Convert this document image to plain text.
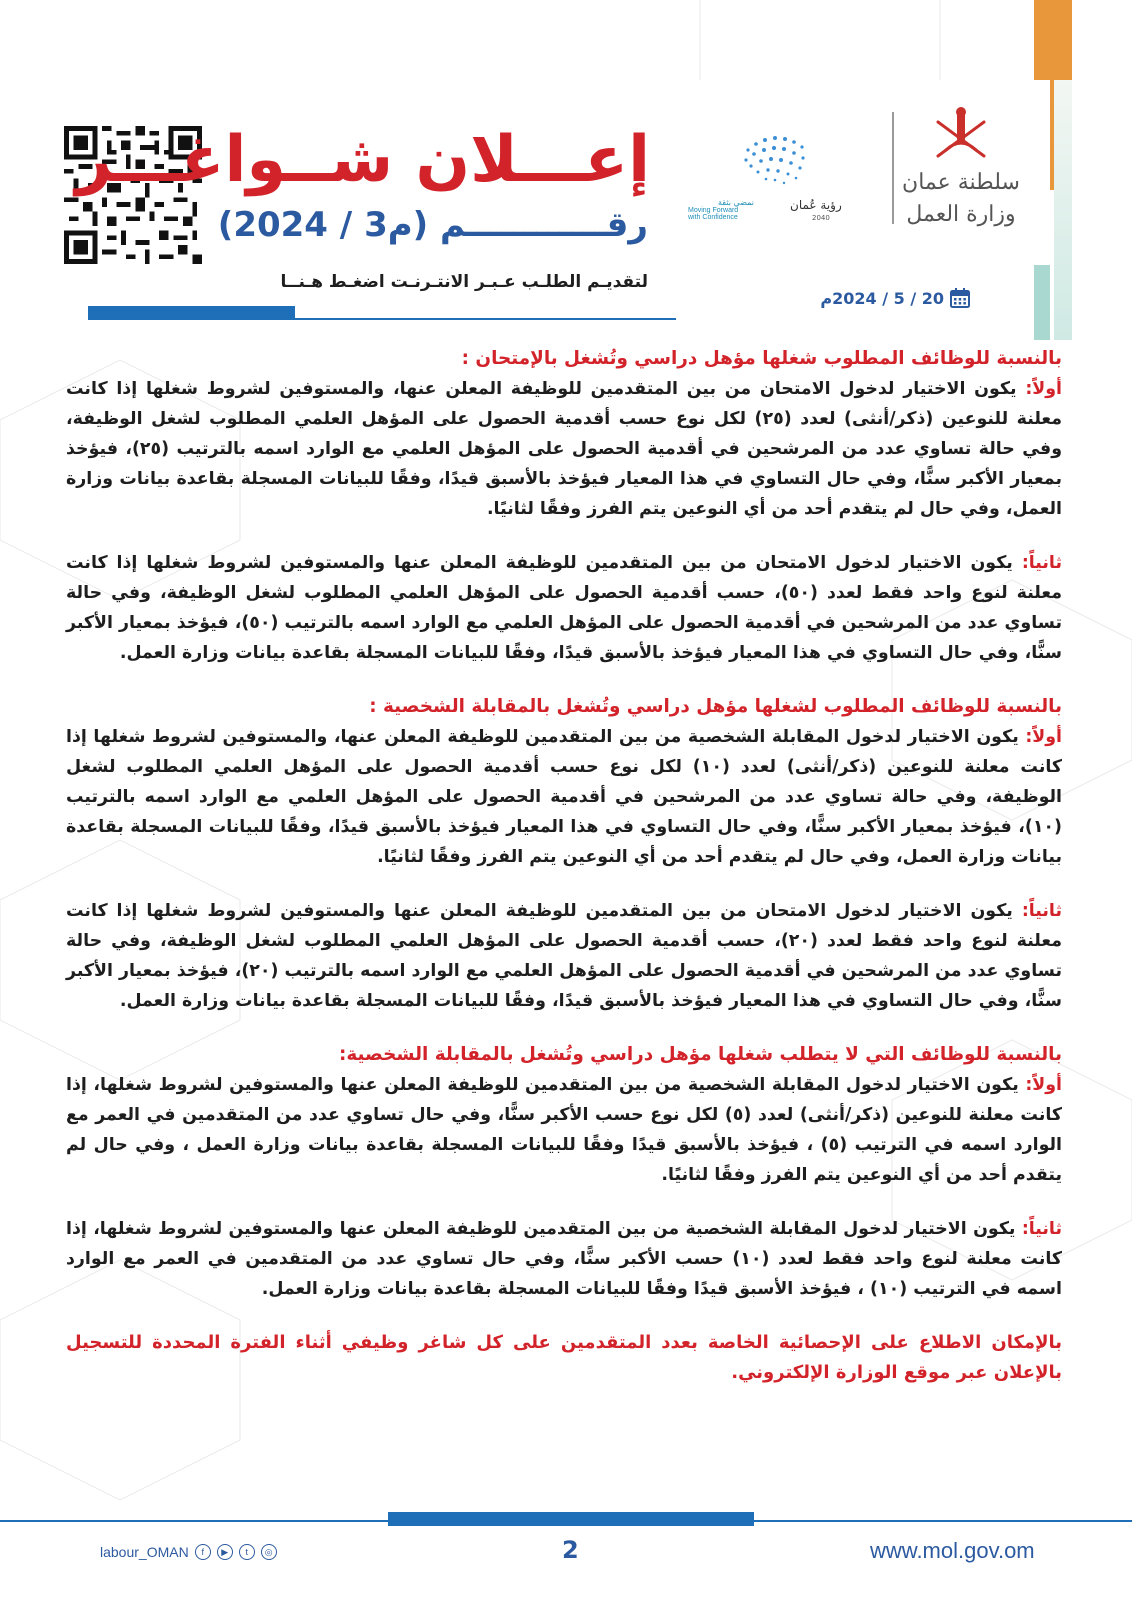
إعـــلان شــواغـــر
رقــــــــــــم (م3 / 2024)
لتقديـم الطلـب عـبـر الانتـرنـت اضغـط هـنــا
سلطنة عمان
وزارة العمل
رؤية عُمان
2040
نمضي بثقة
Moving Forward
with Confidence
20 / 5 / 2024م

بالنسبة للوظائف المطلوب شغلها مؤهل دراسي وتُشغل بالإمتحان :

أولاً: يكون الاختيار لدخول الامتحان من بين المتقدمين للوظيفة المعلن عنها، والمستوفين لشروط شغلها إذا كانت معلنة للنوعين (ذكر/أنثى) لعدد (٢٥) لكل نوع حسب أقدمية الحصول على المؤهل العلمي المطلوب لشغل الوظيفة، وفي حالة تساوي عدد من المرشحين في أقدمية الحصول على المؤهل العلمي مع الوارد اسمه بالترتيب (٢٥)، فيؤخذ بمعيار الأكبر سنًّا، وفي حال التساوي في هذا المعيار فيؤخذ بالأسبق قيدًا، وفقًا للبيانات المسجلة بقاعدة بيانات وزارة العمل، وفي حال لم يتقدم أحد من أي النوعين يتم الفرز وفقًا لثانيًا.

ثانياً: يكون الاختيار لدخول الامتحان من بين المتقدمين للوظيفة المعلن عنها والمستوفين لشروط شغلها إذا كانت معلنة لنوع واحد فقط لعدد (٥٠)، حسب أقدمية الحصول على المؤهل العلمي المطلوب لشغل الوظيفة، وفي حالة تساوي عدد من المرشحين في أقدمية الحصول على المؤهل العلمي مع الوارد اسمه بالترتيب (٥٠)، فيؤخذ بمعيار الأكبر سنًّا، وفي حال التساوي في هذا المعيار فيؤخذ بالأسبق قيدًا، وفقًا للبيانات المسجلة بقاعدة بيانات وزارة العمل.

بالنسبة للوظائف المطلوب لشغلها مؤهل دراسي وتُشغل بالمقابلة الشخصية :

أولاً: يكون الاختيار لدخول المقابلة الشخصية من بين المتقدمين للوظيفة المعلن عنها، والمستوفين لشروط شغلها إذا كانت معلنة للنوعين (ذكر/أنثى) لعدد (١٠) لكل نوع حسب أقدمية الحصول على المؤهل العلمي المطلوب لشغل الوظيفة، وفي حالة تساوي عدد من المرشحين في أقدمية الحصول على المؤهل العلمي مع الوارد اسمه بالترتيب (١٠)، فيؤخذ بمعيار الأكبر سنًّا، وفي حال التساوي في هذا المعيار فيؤخذ بالأسبق قيدًا، وفقًا للبيانات المسجلة بقاعدة بيانات وزارة العمل، وفي حال لم يتقدم أحد من أي النوعين يتم الفرز وفقًا لثانيًا.

ثانياً: يكون الاختيار لدخول الامتحان من بين المتقدمين للوظيفة المعلن عنها والمستوفين لشروط شغلها إذا كانت معلنة لنوع واحد فقط لعدد (٢٠)، حسب أقدمية الحصول على المؤهل العلمي المطلوب لشغل الوظيفة، وفي حالة تساوي عدد من المرشحين في أقدمية الحصول على المؤهل العلمي مع الوارد اسمه بالترتيب (٢٠)، فيؤخذ بمعيار الأكبر سنًّا، وفي حال التساوي في هذا المعيار فيؤخذ بالأسبق قيدًا، وفقًا للبيانات المسجلة بقاعدة بيانات وزارة العمل.

بالنسبة للوظائف التي لا يتطلب شغلها مؤهل دراسي وتُشغل بالمقابلة الشخصية:

أولاً: يكون الاختيار لدخول المقابلة الشخصية من بين المتقدمين للوظيفة المعلن عنها والمستوفين لشروط شغلها، إذا كانت معلنة للنوعين (ذكر/أنثى) لعدد (٥) لكل نوع حسب الأكبر سنًّا، وفي حال تساوي عدد من المتقدمين في العمر مع الوارد اسمه في الترتيب (٥) ، فيؤخذ بالأسبق قيدًا وفقًا للبيانات المسجلة بقاعدة بيانات وزارة العمل ، وفي حال لم يتقدم أحد من أي النوعين يتم الفرز وفقًا لثانيًا.

ثانياً: يكون الاختيار لدخول المقابلة الشخصية من بين المتقدمين للوظيفة المعلن عنها والمستوفين لشروط شغلها، إذا كانت معلنة لنوع واحد فقط لعدد (١٠) حسب الأكبر سنًّا، وفي حال تساوي عدد من المتقدمين في العمر مع الوارد اسمه في الترتيب (١٠) ، فيؤخذ الأسبق قيدًا وفقًا للبيانات المسجلة بقاعدة بيانات وزارة العمل.

بالإمكان الاطلاع على الإحصائية الخاصة بعدد المتقدمين على كل شاغر وظيفي أثناء الفترة المحددة للتسجيل بالإعلان عبر موقع الوزارة الإلكتروني.

labour_OMAN	f	▶	t	◎	2	www.mol.gov.om
